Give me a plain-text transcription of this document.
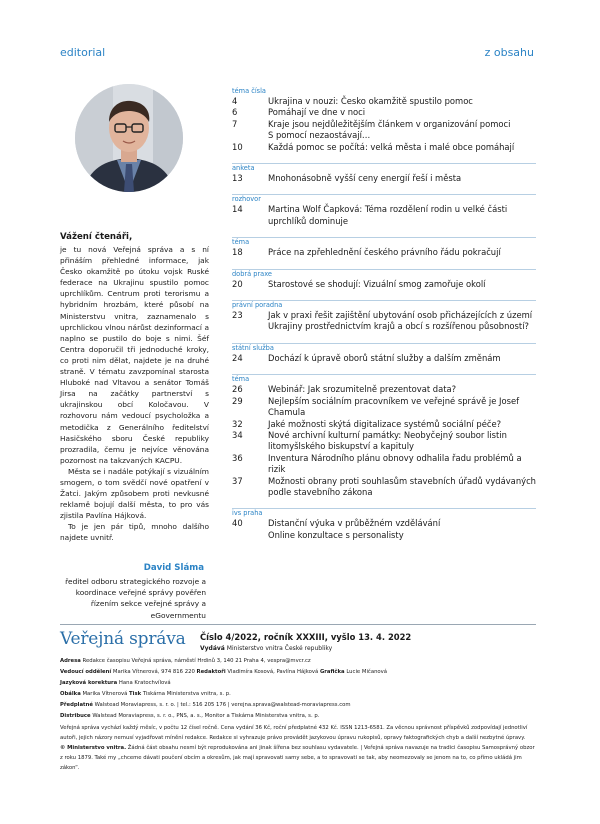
editorial	z obsahu
Vážení čtenáři,

je tu nová Veřejná správa a s ní přináším přehledné informace, jak Česko okamžitě po útoku vojsk Ruské federace na Ukrajinu spustilo pomoc uprchlíkům. Centrum proti terorismu a hybridním hrozbám, které působí na Ministerstvu vnitra, zaznamenalo s uprchlickou vlnou nárůst dezinformací a naplno se pustilo do boje s nimi. Šéf Centra doporučil tři jednoduché kroky, co proti nim dělat, najdete je na druhé straně. V tématu zavzpomínal starosta Hluboké nad Vltavou a senátor Tomáš Jirsa na začátky partnerství s ukrajinskou obcí Koločavou. V rozhovoru nám vedoucí psycholožka a metodička z Generálního ředitelství Hasičského sboru České republiky prozradila, čemu je nejvíce věnována pozornost na takzvaných KACPU.

Města se i nadále potýkají s vizuálním smogem, o tom svědčí nové opatření v Žatci. Jakým způsobem proti nevkusné reklamě bojují další města, to pro vás zjistila Pavlína Hájková.

To je jen pár tipů, mnoho dalšího najdete uvnitř.

David Sláma
ředitel odboru strategického rozvoje a koordinace veřejné správy pověřen řízením sekce veřejné správy a eGovernmentu
téma čísla
4	Ukrajina v nouzi: Česko okamžitě spustilo pomoc
6	Pomáhají ve dne v noci
7	Kraje jsou nejdůležitějším článkem v organizování pomoci
S pomocí nezaostávají…
10	Každá pomoc se počítá: velká města i malé obce pomáhají
anketa
13	Mnohonásobně vyšší ceny energií řeší i města
rozhovor
14	Martina Wolf Čapková: Téma rozdělení rodin u velké části uprchlíků dominuje
téma
18	Práce na zpřehlednění českého právního řádu pokračují
dobrá praxe
20	Starostové se shodují: Vizuální smog zamořuje okolí
právní poradna
23	Jak v praxi řešit zajištění ubytování osob přicházejících z území Ukrajiny prostřednictvím krajů a obcí s rozšířenou působností?
státní služba
24	Dochází k úpravě oborů státní služby a dalším změnám
téma
26	Webinář: Jak srozumitelně prezentovat data?
29	Nejlepším sociálním pracovníkem ve veřejné správě je Josef Chamula
32	Jaké možnosti skýtá digitalizace systémů sociální péče?
34	Nové archivní kulturní památky: Neobyčejný soubor listin litomyšlského biskupství a kapituly
36	Inventura Národního plánu obnovy odhalila řadu problémů a rizik
37	Možnosti obrany proti souhlasům stavebních úřadů vydávaných podle stavebního zákona
ivs praha
40	Distanční výuka v průběžném vzdělávání
Online konzultace s personalisty
Veřejná správa Číslo 4/2022, ročník XXXIII, vyšlo 13. 4. 2022
Vydává Ministerstvo vnitra České republiky
Adresa Redakce časopisu Veřejná správa, náměstí Hrdinů 3, 140 21 Praha 4, vespra@mvcr.cz
Vedoucí oddělení Marika Vítnerová, 974 816 220 Redaktoři Vladimíra Kosová, Pavlína Hájková Grafička Lucie Mičanová
Jazyková korektura Hana Kratochvílová
Obálka Marika Vítnerová Tisk Tiskárna Ministerstva vnitra, s. p.
Předplatné Walstead Moraviapress, s. r. o. | tel.: 516 205 176 | verejna.sprava@walstead-moraviapress.com
Distribuce Walstead Moraviapress, s. r. o., PNS, a. s., Monitor a Tiskárna Ministerstva vnitra, s. p.
Veřejná správa vychází každý měsíc, v počtu 12 čísel ročně. Cena vydání 36 Kč, roční předplatné 432 Kč. ISSN 1213-6581. Za věcnou správnost příspěvků zodpovídají jednotliví autoři, jejich názory nemusí vyjadřovat mínění redakce. Redakce si vyhrazuje právo provádět jazykovou úpravu rukopisů, opravy faktografických chyb a další nezbytné úpravy.
© Ministerstvo vnitra. Žádná část obsahu nesmí být reprodukována ani jinak šířena bez souhlasu vydavatele. | Veřejná správa navazuje na tradici časopisu Samosprávný obzor z roku 1879. Také my „chceme dávati poučení obcím a okresům, jak mají spravovati samy sebe, a to spravovati se tak, aby neomezovaly se jenom na to, co přímo ukládá jim zákon“.
